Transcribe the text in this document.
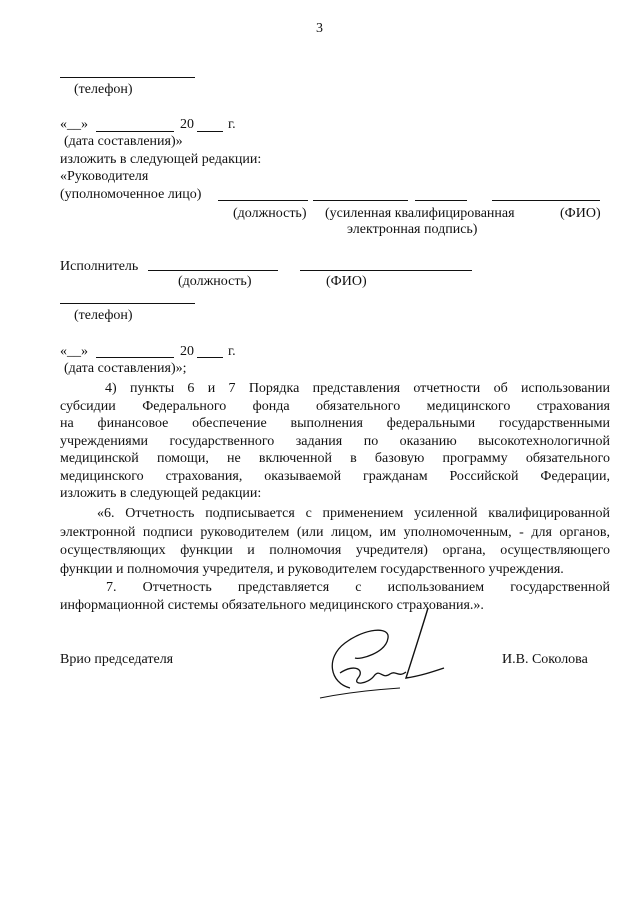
3
(телефон)
«__»	20 г.
(дата составления)»
изложить в следующей редакции:
«Руководителя
(уполномоченное лицо)
(должность) (усиленная квалифицированная	(ФИО)
электронная подпись)
Исполнитель
(должность)	(ФИО)
(телефон)
«__»	20 г.
(дата составления)»;
4) пункты 6 и 7 Порядка представления отчетности об использовании
субсидии Федерального фонда обязательного медицинского страхования
на финансовое обеспечение выполнения федеральными государственными
учреждениями государственного задания по оказанию высокотехнологичной
медицинской помощи, не включенной в базовую программу обязательного
медицинского страхования, оказываемой гражданам Российской Федерации,
изложить в следующей редакции:
«6. Отчетность подписывается с применением усиленной квалифицированной
электронной подписи руководителем (или лицом, им уполномоченным, - для органов,
осуществляющих функции и полномочия учредителя) органа, осуществляющего
функции и полномочия учредителя, и руководителем государственного учреждения.
7. Отчетность представляется с использованием государственной
информационной системы обязательного медицинского страхования.».
Врио председателя	И.В. Соколова
